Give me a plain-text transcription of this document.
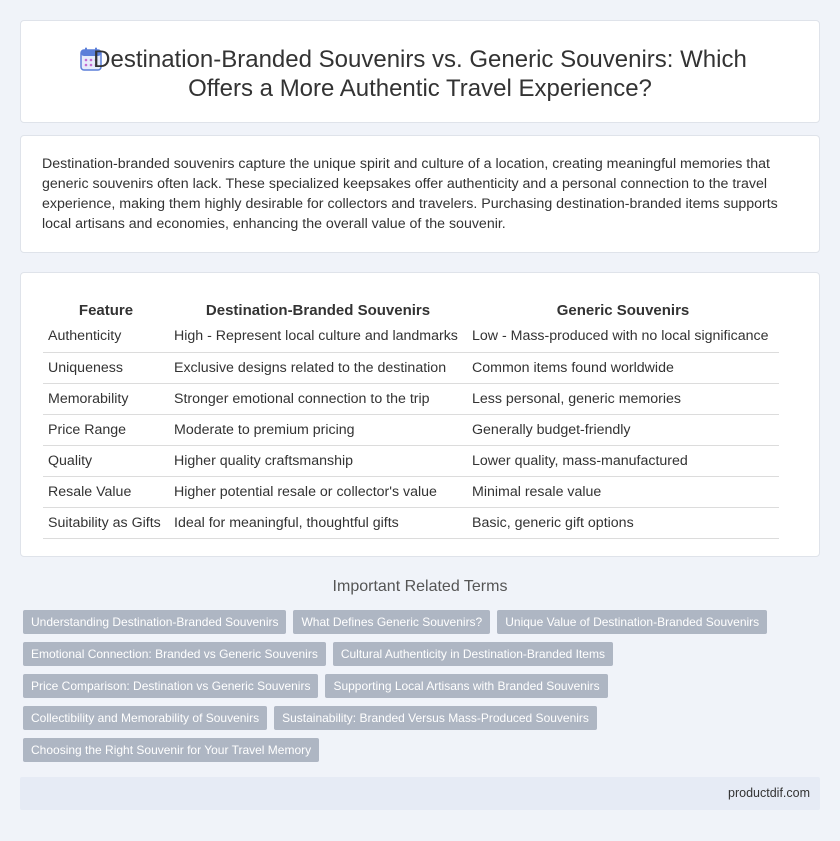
Destination-Branded Souvenirs vs. Generic Souvenirs: Which
Offers a More Authentic Travel Experience?

Destination-branded souvenirs capture the unique spirit and culture of a location, creating meaningful memories that generic souvenirs often lack. These specialized keepsakes offer authenticity and a personal connection to the travel experience, making them highly desirable for collectors and travelers. Purchasing destination-branded items supports local artisans and economies, enhancing the overall value of the souvenir.

Feature	Destination-Branded Souvenirs	Generic Souvenirs
Authenticity	High - Represent local culture and landmarks	Low - Mass-produced with no local significance
Uniqueness	Exclusive designs related to the destination	Common items found worldwide
Memorability	Stronger emotional connection to the trip	Less personal, generic memories
Price Range	Moderate to premium pricing	Generally budget-friendly
Quality	Higher quality craftsmanship	Lower quality, mass-manufactured
Resale Value	Higher potential resale or collector's value	Minimal resale value
Suitability as Gifts	Ideal for meaningful, thoughtful gifts	Basic, generic gift options
Important Related Terms
Understanding Destination-Branded Souvenirs	What Defines Generic Souvenirs?	Unique Value of Destination-Branded Souvenirs
Emotional Connection: Branded vs Generic Souvenirs	Cultural Authenticity in Destination-Branded Items
Price Comparison: Destination vs Generic Souvenirs	Supporting Local Artisans with Branded Souvenirs
Collectibility and Memorability of Souvenirs	Sustainability: Branded Versus Mass-Produced Souvenirs
Choosing the Right Souvenir for Your Travel Memory
productdif.com
